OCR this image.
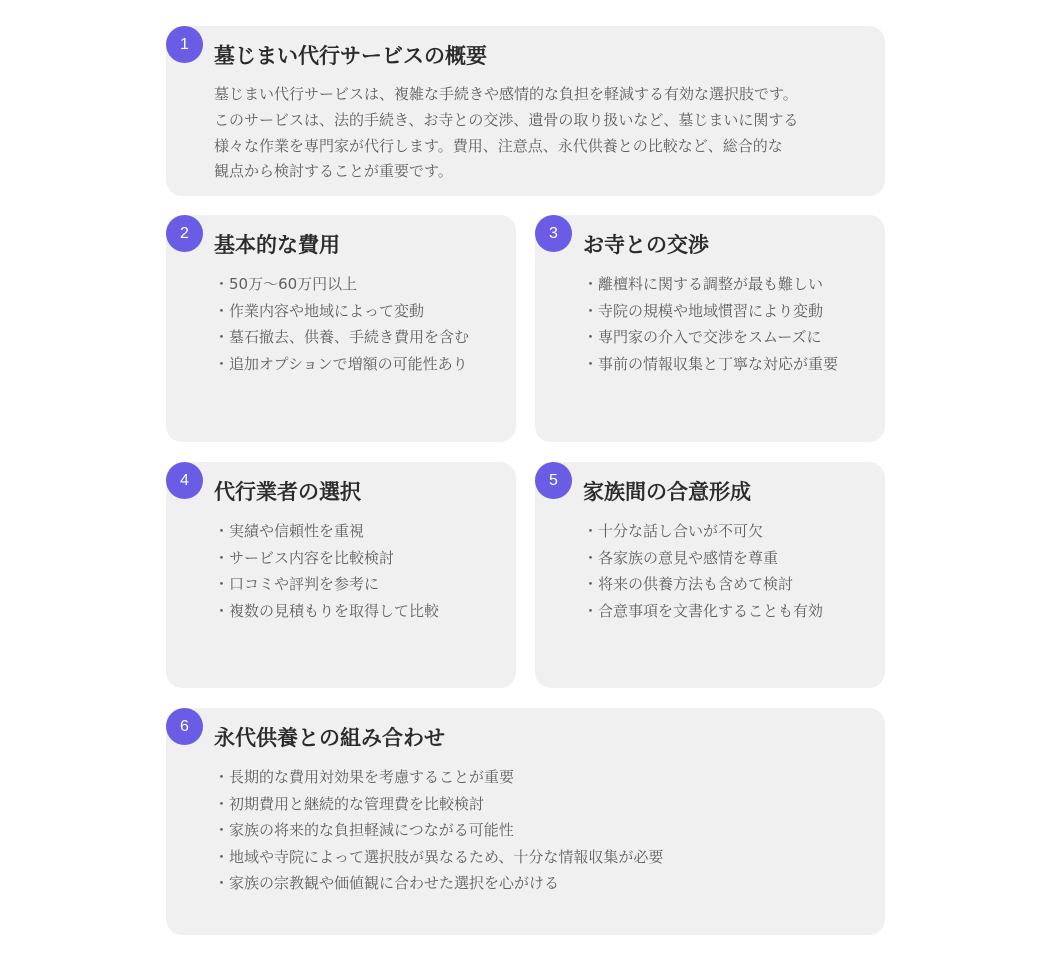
1	墓じまい代行サービスの概要
墓じまい代行サービスは、複雑な手続きや感情的な負担を軽減する有効な選択肢です。
このサービスは、法的手続き、お寺との交渉、遺骨の取り扱いなど、墓じまいに関する
様々な作業を専門家が代行します。費用、注意点、永代供養との比較など、総合的な
観点から検討することが重要です。
2	基本的な費用
・50万〜60万円以上
・作業内容や地域によって変動
・墓石撤去、供養、手続き費用を含む
・追加オプションで増額の可能性あり
3	お寺との交渉
・離檀料に関する調整が最も難しい
・寺院の規模や地域慣習により変動
・専門家の介入で交渉をスムーズに
・事前の情報収集と丁寧な対応が重要
4	代行業者の選択
・実績や信頼性を重視
・サービス内容を比較検討
・口コミや評判を参考に
・複数の見積もりを取得して比較
5	家族間の合意形成
・十分な話し合いが不可欠
・各家族の意見や感情を尊重
・将来の供養方法も含めて検討
・合意事項を文書化することも有効
6	永代供養との組み合わせ
・長期的な費用対効果を考慮することが重要
・初期費用と継続的な管理費を比較検討
・家族の将来的な負担軽減につながる可能性
・地域や寺院によって選択肢が異なるため、十分な情報収集が必要
・家族の宗教観や価値観に合わせた選択を心がける
